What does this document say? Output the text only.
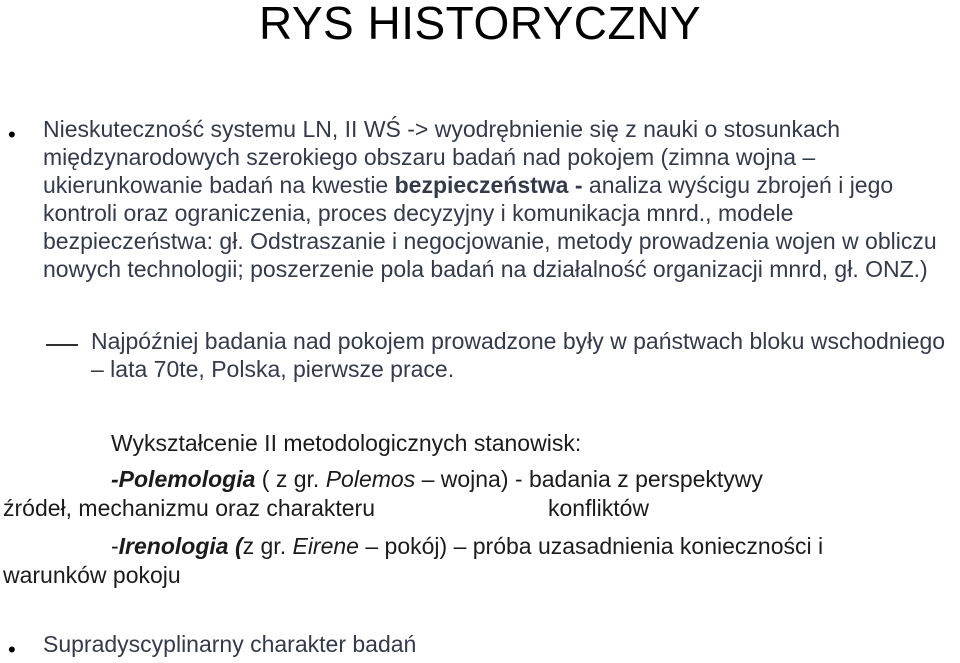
RYS HISTORYCZNY
• Nieskuteczność systemu LN, II WŚ -> wyodrębnienie się z nauki o stosunkach międzynarodowych szerokiego obszaru badań nad pokojem (zimna wojna – ukierunkowanie badań na kwestie bezpieczeństwa - analiza wyścigu zbrojeń i jego kontroli oraz ograniczenia, proces decyzyjny i komunikacja mnrd., modele bezpieczeństwa: gł. Odstraszanie i negocjowanie, metody prowadzenia wojen w obliczu nowych technologii; poszerzenie pola badań na działalność organizacji mnrd, gł. ONZ.)
Najpóźniej badania nad pokojem prowadzone były w państwach bloku wschodniego – lata 70te, Polska, pierwsze prace.
Wykształcenie II metodologicznych stanowisk:
-Polemologia ( z gr. Polemos – wojna) - badania z perspektywy
źródeł, mechanizmu oraz charakteru	konfliktów
-Irenologia (z gr. Eirene – pokój) – próba uzasadnienia konieczności i
warunków pokoju
• Supradyscyplinarny charakter badań
